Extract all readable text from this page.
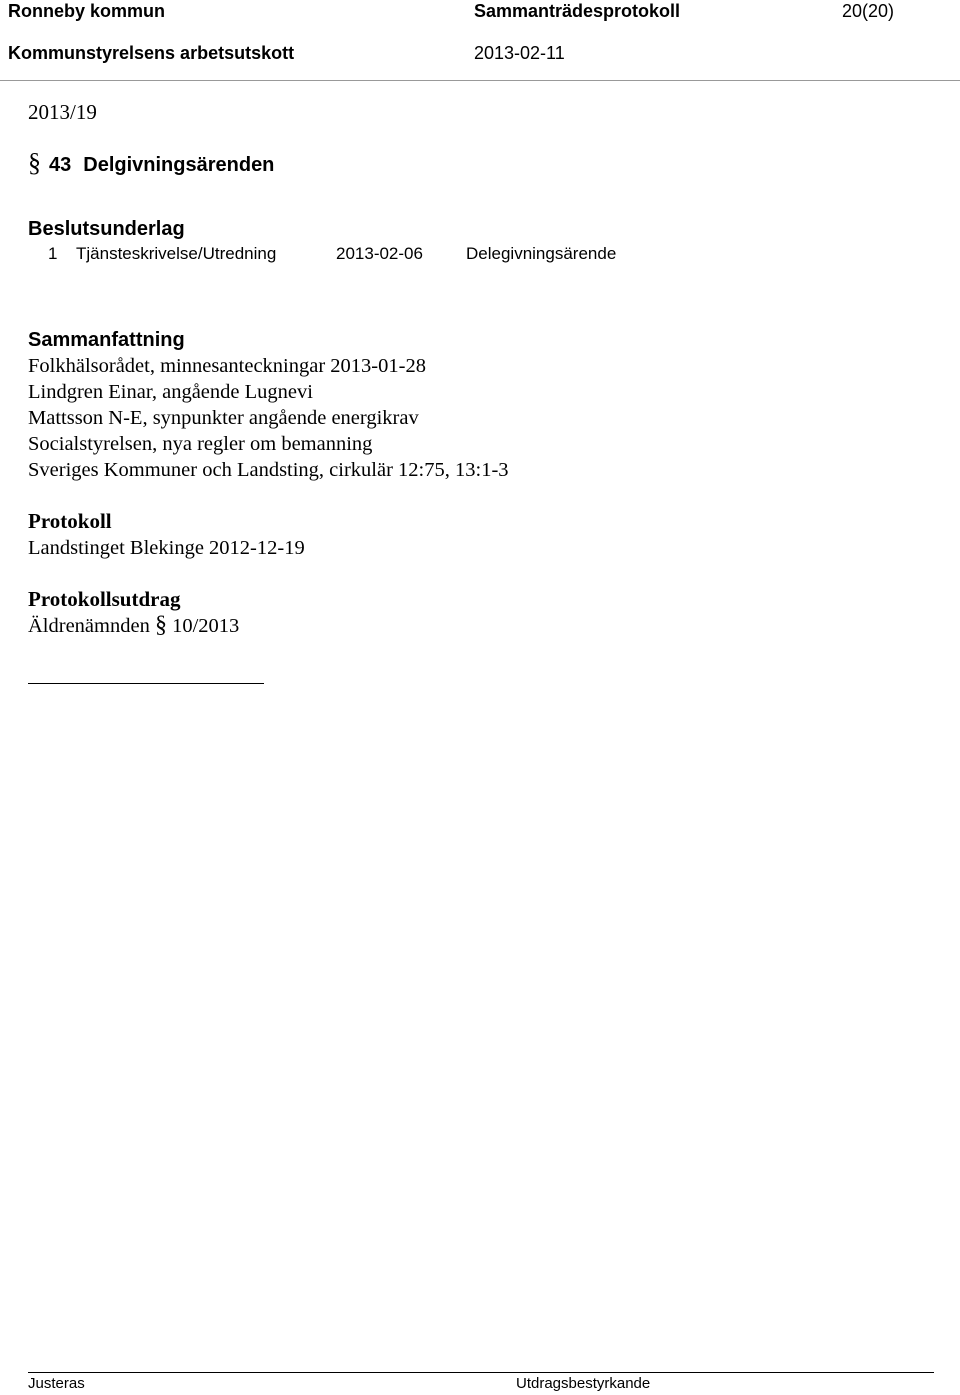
Ronneby kommun	Sammanträdesprotokoll	20(20)
Kommunstyrelsens arbetsutskott	2013-02-11
2013/19
§ 43 Delgivningsärenden
Beslutsunderlag
1 Tjänsteskrivelse/Utredning	2013-02-06	Delegivningsärende
Sammanfattning
Folkhälsorådet, minnesanteckningar 2013-01-28
Lindgren Einar, angående Lugnevi
Mattsson N-E, synpunkter angående energikrav
Socialstyrelsen, nya regler om bemanning
Sveriges Kommuner och Landsting, cirkulär 12:75, 13:1-3
Protokoll
Landstinget Blekinge 2012-12-19
Protokollsutdrag
Äldrenämnden § 10/2013
Justeras	Utdragsbestyrkande
